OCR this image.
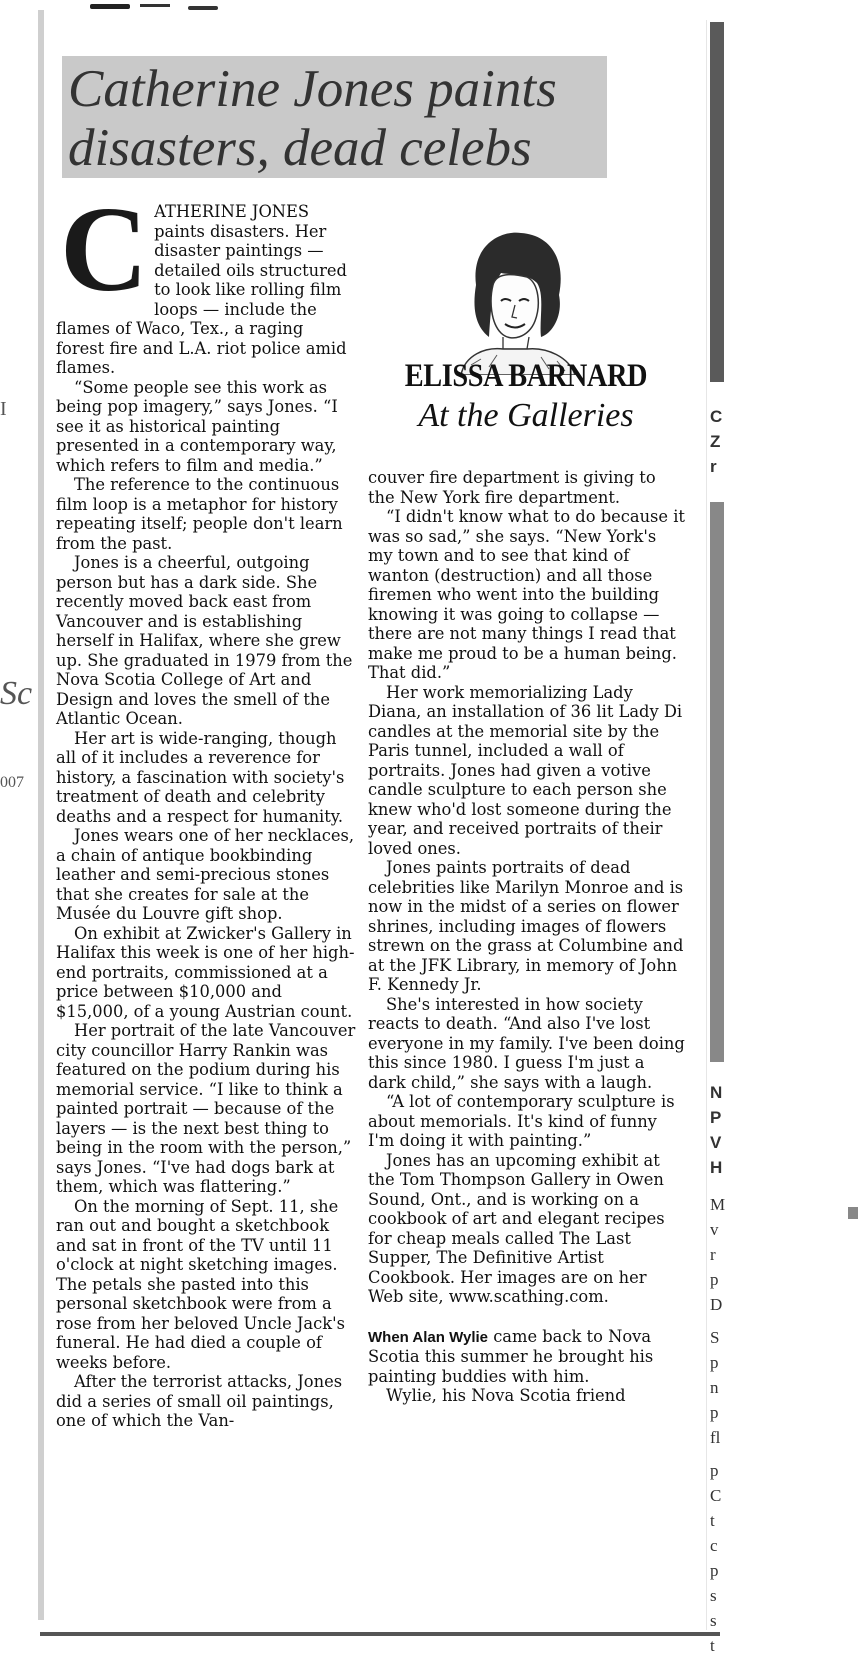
I
Sc
007
Catherine Jones paints disasters, dead celebs
C ATHERINE JONES paints disasters. Her disaster paintings — detailed oils structured to look like rolling film loops — include the flames of Waco, Tex., a raging forest fire and L.A. riot police amid flames.

“Some people see this work as being pop imagery,” says Jones. “I see it as historical painting presented in a contemporary way, which refers to film and media.”

The reference to the continuous film loop is a metaphor for history repeating itself; people don't learn from the past.

Jones is a cheerful, outgoing person but has a dark side. She recently moved back east from Vancouver and is establishing herself in Halifax, where she grew up. She graduated in 1979 from the Nova Scotia College of Art and Design and loves the smell of the Atlantic Ocean.

Her art is wide-ranging, though all of it includes a reverence for history, a fascination with society's treatment of death and celebrity deaths and a respect for humanity.

Jones wears one of her necklaces, a chain of antique bookbinding leather and semi-precious stones that she creates for sale at the Musée du Louvre gift shop.

On exhibit at Zwicker's Gallery in Halifax this week is one of her high-end portraits, commissioned at a price between $10,000 and $15,000, of a young Austrian count.

Her portrait of the late Vancouver city councillor Harry Rankin was featured on the podium during his memorial service. “I like to think a painted portrait — because of the layers — is the next best thing to being in the room with the person,” says Jones. “I've had dogs bark at them, which was flattering.”

On the morning of Sept. 11, she ran out and bought a sketchbook and sat in front of the TV until 11 o'clock at night sketching images. The petals she pasted into this personal sketchbook were from a rose from her beloved Uncle Jack's funeral. He had died a couple of weeks before.

After the terrorist attacks, Jones did a series of small oil paintings, one of which the Van-

ELISSA BARNARD
At the Galleries

couver fire department is giving to the New York fire department.

“I didn't know what to do because it was so sad,” she says. “New York's my town and to see that kind of wanton (destruction) and all those firemen who went into the building knowing it was going to collapse — there are not many things I read that make me proud to be a human being. That did.”

Her work memorializing Lady Diana, an installation of 36 lit Lady Di candles at the memorial site by the Paris tunnel, included a wall of portraits. Jones had given a votive candle sculpture to each person she knew who'd lost someone during the year, and received portraits of their loved ones.

Jones paints portraits of dead celebrities like Marilyn Monroe and is now in the midst of a series on flower shrines, including images of flowers strewn on the grass at Columbine and at the JFK Library, in memory of John F. Kennedy Jr.

She's interested in how society reacts to death. “And also I've lost everyone in my family. I've been doing this since 1980. I guess I'm just a dark child,” she says with a laugh.

“A lot of contemporary sculpture is about memorials. It's kind of funny I'm doing it with painting.”

Jones has an upcoming exhibit at the Tom Thompson Gallery in Owen Sound, Ont., and is working on a cookbook of art and elegant recipes for cheap meals called The Last Supper, The Definitive Artist Cookbook. Her images are on her Web site, www.scathing.com.

When Alan Wylie came back to Nova Scotia this summer he brought his painting buddies with him.

Wylie, his Nova Scotia friend

C
Z
r
N
P
V
H
M
v
r
p
D
S
p
n
p
fl
p
C
t
c
p
s
s
t
